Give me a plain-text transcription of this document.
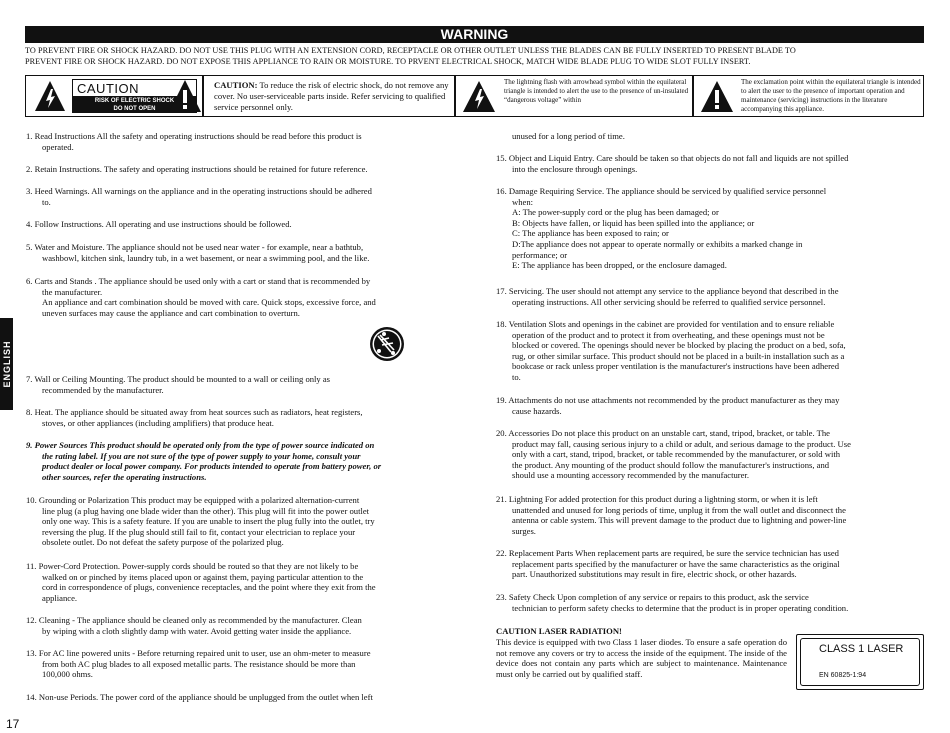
WARNING
TO PREVENT FIRE OR SHOCK HAZARD. DO NOT USE THIS PLUG WITH AN EXTENSION CORD, RECEPTACLE OR OTHER OUTLET UNLESS THE BLADES CAN BE FULLY INSERTED TO PRESENT BLADE TO
PREVENT FIRE OR SHOCK HAZARD. DO NOT EXPOSE THIS APPLIANCE TO RAIN OR MOISTURE. TO PRVENT ELECTRICAL SHOCK, MATCH WIDE BLADE PLUG TO WIDE SLOT FULLY INSERT.
CAUTION
RISK OF ELECTRIC SHOCK
DO NOT OPEN
CAUTION: To reduce the risk of electric shock, do not remove any cover. No user-serviceable parts inside. Refer servicing to qualified service personnel only.
The lightning flash with arrowhead symbol within the equilateral triangle is intended to alert the use to the presence of un-insulated “dangerous voltage” within
The exclamation point within the equilateral triangle is intended to alert the user to the presence of important operation and maintenance (servicing) instructions in the literature accompanying this appliance.
ENGLISH
1. Read Instructions All the safety and operating instructions should be read before this product is
operated.
2. Retain Instructions. The safety and operating instructions should be retained for future reference.
3. Heed Warnings. All warnings on the appliance and in the operating instructions should be adhered
to.
4. Follow Instructions. All operating and use instructions should be followed.
5. Water and Moisture. The appliance should not be used near water - for example, near a bathtub,
washbowl, kitchen sink, laundry tub, in a wet basement, or near a swimming pool, and the like.
6. Carts and Stands . The appliance should be used only with a cart or stand that is recommended by
the manufacturer.
An appliance and cart combination should be moved with care. Quick stops, excessive force, and
uneven surfaces may cause the appliance and cart combination to overturn.
7. Wall or Ceiling Mounting. The product should be mounted to a wall or ceiling only as
recommended by the manufacturer.
8. Heat. The appliance should be situated away from heat sources such as radiators, heat registers,
stoves, or other appliances (including amplifiers) that produce heat.
9. Power Sources This product should be operated only from the type of power source indicated on
the rating label. If you are not sure of the type of power supply to your home, consult your
product dealer or local power company. For products intended to operate from battery power, or
other sources, refer the operating instructions.
10. Grounding or Polarization This product may be equipped with a polarized alternation-current
line plug (a plug having one blade wider than the other). This plug will fit into the power outlet
only one way. This is a safety feature. If you are unable to insert the plug fully into the outlet, try
reversing the plug. If the plug should still fail to fit, contact your electrician to replace your
obsolete outlet. Do not defeat the safety purpose of the polarized plug.
11. Power-Cord Protection. Power-supply cords should be routed so that they are not likely to be
walked on or pinched by items placed upon or against them, paying particular attention to the
cord in correspondence of plugs, convenience receptacles, and the point where they exit from the
appliance.
12. Cleaning - The appliance should be cleaned only as recommended by the manufacturer. Clean
by wiping with a cloth slightly damp with water. Avoid getting water inside the appliance.
13. For AC line powered units - Before returning repaired unit to user, use an ohm-meter to measure
from both AC plug blades to all exposed metallic parts. The resistance should be more than
100,000 ohms.
14. Non-use Periods. The power cord of the appliance should be unplugged from the outlet when left
unused for a long period of time.
15. Object and Liquid Entry. Care should be taken so that objects do not fall and liquids are not spilled
into the enclosure through openings.
16. Damage Requiring Service. The appliance should be serviced by qualified service personnel
when:
A: The power-supply cord or the plug has been damaged; or
B: Objects have fallen, or liquid has been spilled into the appliance; or
C: The appliance has been exposed to rain; or
D:The appliance does not appear to operate normally or exhibits a marked change in
performance; or
E: The appliance has been dropped, or the enclosure damaged.
17. Servicing. The user should not attempt any service to the appliance beyond that described in the
operating instructions. All other servicing should be referred to qualified service personnel.
18. Ventilation Slots and openings in the cabinet are provided for ventilation and to ensure reliable
operation of the product and to protect it from overheating, and these openings must not be
blocked or covered. The openings should never be blocked by placing the product on a bed, sofa,
rug, or other similar surface. This product should not be placed in a built-in installation such as a
bookcase or rack unless proper ventilation is the manufacturer's instructions have been adhered
to.
19. Attachments do not use attachments not recommended by the product manufacturer as they may
cause hazards.
20. Accessories Do not place this product on an unstable cart, stand, tripod, bracket, or table. The
product may fall, causing serious injury to a child or adult, and serious damage to the product. Use
only with a cart, stand, tripod, bracket, or table recommended by the manufacturer, or sold with
the product. Any mounting of the product should follow the manufacturer's instructions, and
should use a mounting accessory recommended by the manufacturer.
21. Lightning For added protection for this product during a lightning storm, or when it is left
unattended and unused for long periods of time, unplug it from the wall outlet and disconnect the
antenna or cable system. This will prevent damage to the product due to lightning and power-line
surges.
22. Replacement Parts When replacement parts are required, be sure the service technician has used
replacement parts specified by the manufacturer or have the same characteristics as the original
part. Unauthorized substitutions may result in fire, electric shock, or other hazards.
23. Safety Check Upon completion of any service or repairs to this product, ask the service
technician to perform safety checks to determine that the product is in proper operating condition.
CAUTION LASER RADIATION!
This device is equipped with two Class 1 laser diodes. To ensure a safe operation do not remove any covers or try to access the inside of the equipment. The inside of the device does not contain any parts which are subject to maintenance. Maintenance must only be carried out by qualified staff.
CLASS 1 LASER
EN 60825-1:94
17
